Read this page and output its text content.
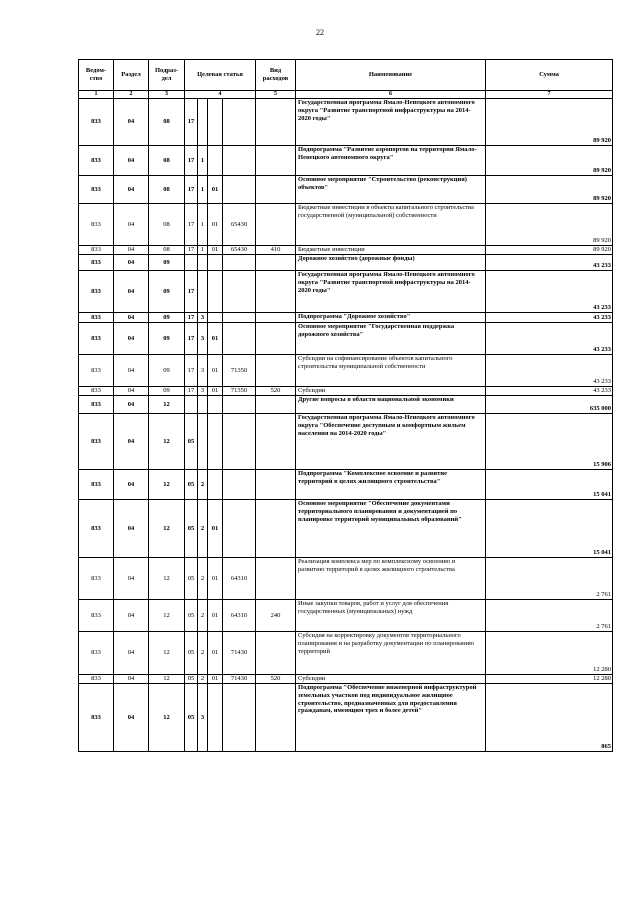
22
Ведом-ство	Раздел	Подраз-дел	Целевая статья				Вид расходов	Наименование	Сумма
1	2	3	4				5	6	7
833	04	08	17					Государственная программа Ямало-Ненецкого автономного округа "Развитие транспортной инфраструктуры на 2014-2020 годы"	89 920
833	04	08	17	1				Подпрограмма "Развитие аэропортов на территории Ямало-Ненецкого автономного округа"	89 920
833	04	08	17	1	01			Основное мероприятие "Строительство (реконструкция) объектов"	89 920
833	04	08	17	1	01	65430		Бюджетные инвестиции в объекты капитального строительства государственной (муниципальной) собственности	89 920
833	04	08	17	1	01	65430	410	Бюджетные инвестиции	89 920
833	04	09						Дорожное хозяйство (дорожные фонды)	43 233
833	04	09	17					Государственная программа Ямало-Ненецкого автономного округа "Развитие транспортной инфраструктуры на 2014-2020 годы"	43 233
833	04	09	17	3				Подпрограмма "Дорожное хозяйство"	43 233
833	04	09	17	3	01			Основное мероприятие "Государственная поддержка дорожного хозяйства"	43 233
833	04	09	17	3	01	71350		Субсидии на софинансирование объектов капитального строительства муниципальной собственности	43 233
833	04	09	17	3	01	71350	520	Субсидии	43 233
833	04	12						Другие вопросы в области национальной экономики	635 000
833	04	12	05					Государственная программа Ямало-Ненецкого автономного округа "Обеспечение доступным и комфортным жильем населения на 2014-2020 годы"	15 906
833	04	12	05	2				Подпрограмма "Комплексное освоение и развитие территорий в целях жилищного строительства"	15 041
833	04	12	05	2	01			Основное мероприятие "Обеспечение документами территориального планирования и документацией по планировке территорий муниципальных образований"	15 041
833	04	12	05	2	01	64310		Реализация комплекса мер по комплексному освоению и развитию территорий в целях жилищного строительства	2 761
833	04	12	05	2	01	64310	240	Иные закупки товаров, работ и услуг для обеспечения государственных (муниципальных) нужд	2 761
833	04	12	05	2	01	71430		Субсидия на корректировку документов территориального планирования и на разработку документации по планированию территорий	12 280
833	04	12	05	2	01	71430	520	Субсидии	12 280
833	04	12	05	3				Подпрограмма "Обеспечение инженерной инфраструктурой земельных участков под индивидуальное жилищное строительство, предназначенных для предоставления гражданам, имеющим трех и более детей"	865
